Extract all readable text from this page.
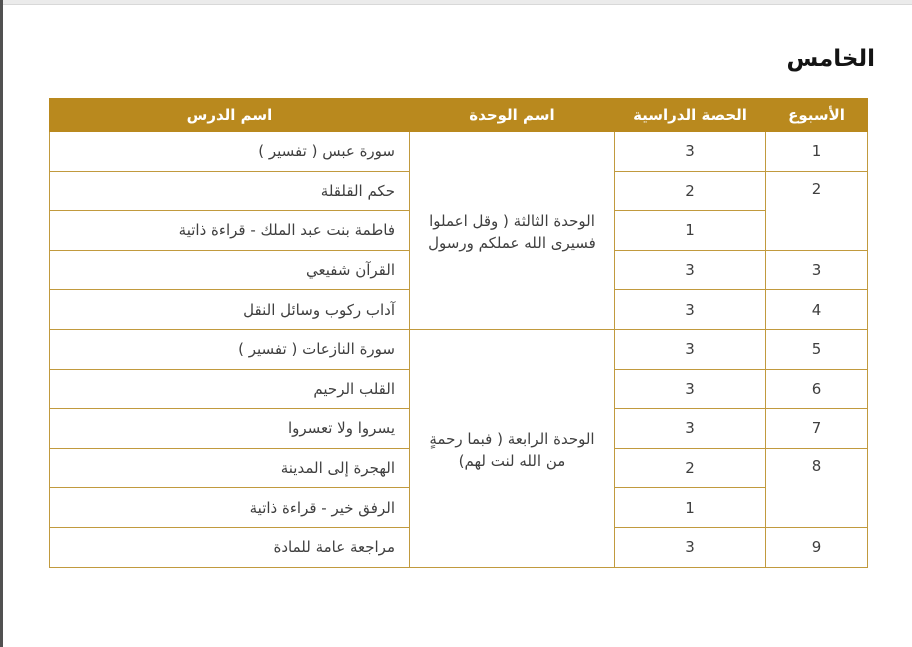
الخامس
الأسبوع	الحصة الدراسية	اسم الوحدة	اسم الدرس
1	3	الوحدة الثالثة ( وقل اعملوا فسيرى الله عملكم ورسول	سورة عبس ( تفسير )
2	2		حكم القلقلة
	1		فاطمة بنت عبد الملك - قراءة ذاتية
3	3		القرآن شفيعي
4	3		آداب ركوب وسائل النقل
5	3	الوحدة الرابعة ( فبما رحمةٍ من الله لنت لهم)	سورة النازعات ( تفسير )
6	3		القلب الرحيم
7	3		يسروا ولا تعسروا
8	2		الهجرة إلى المدينة
	1		الرفق خير - قراءة ذاتية
9	3		مراجعة عامة للمادة
